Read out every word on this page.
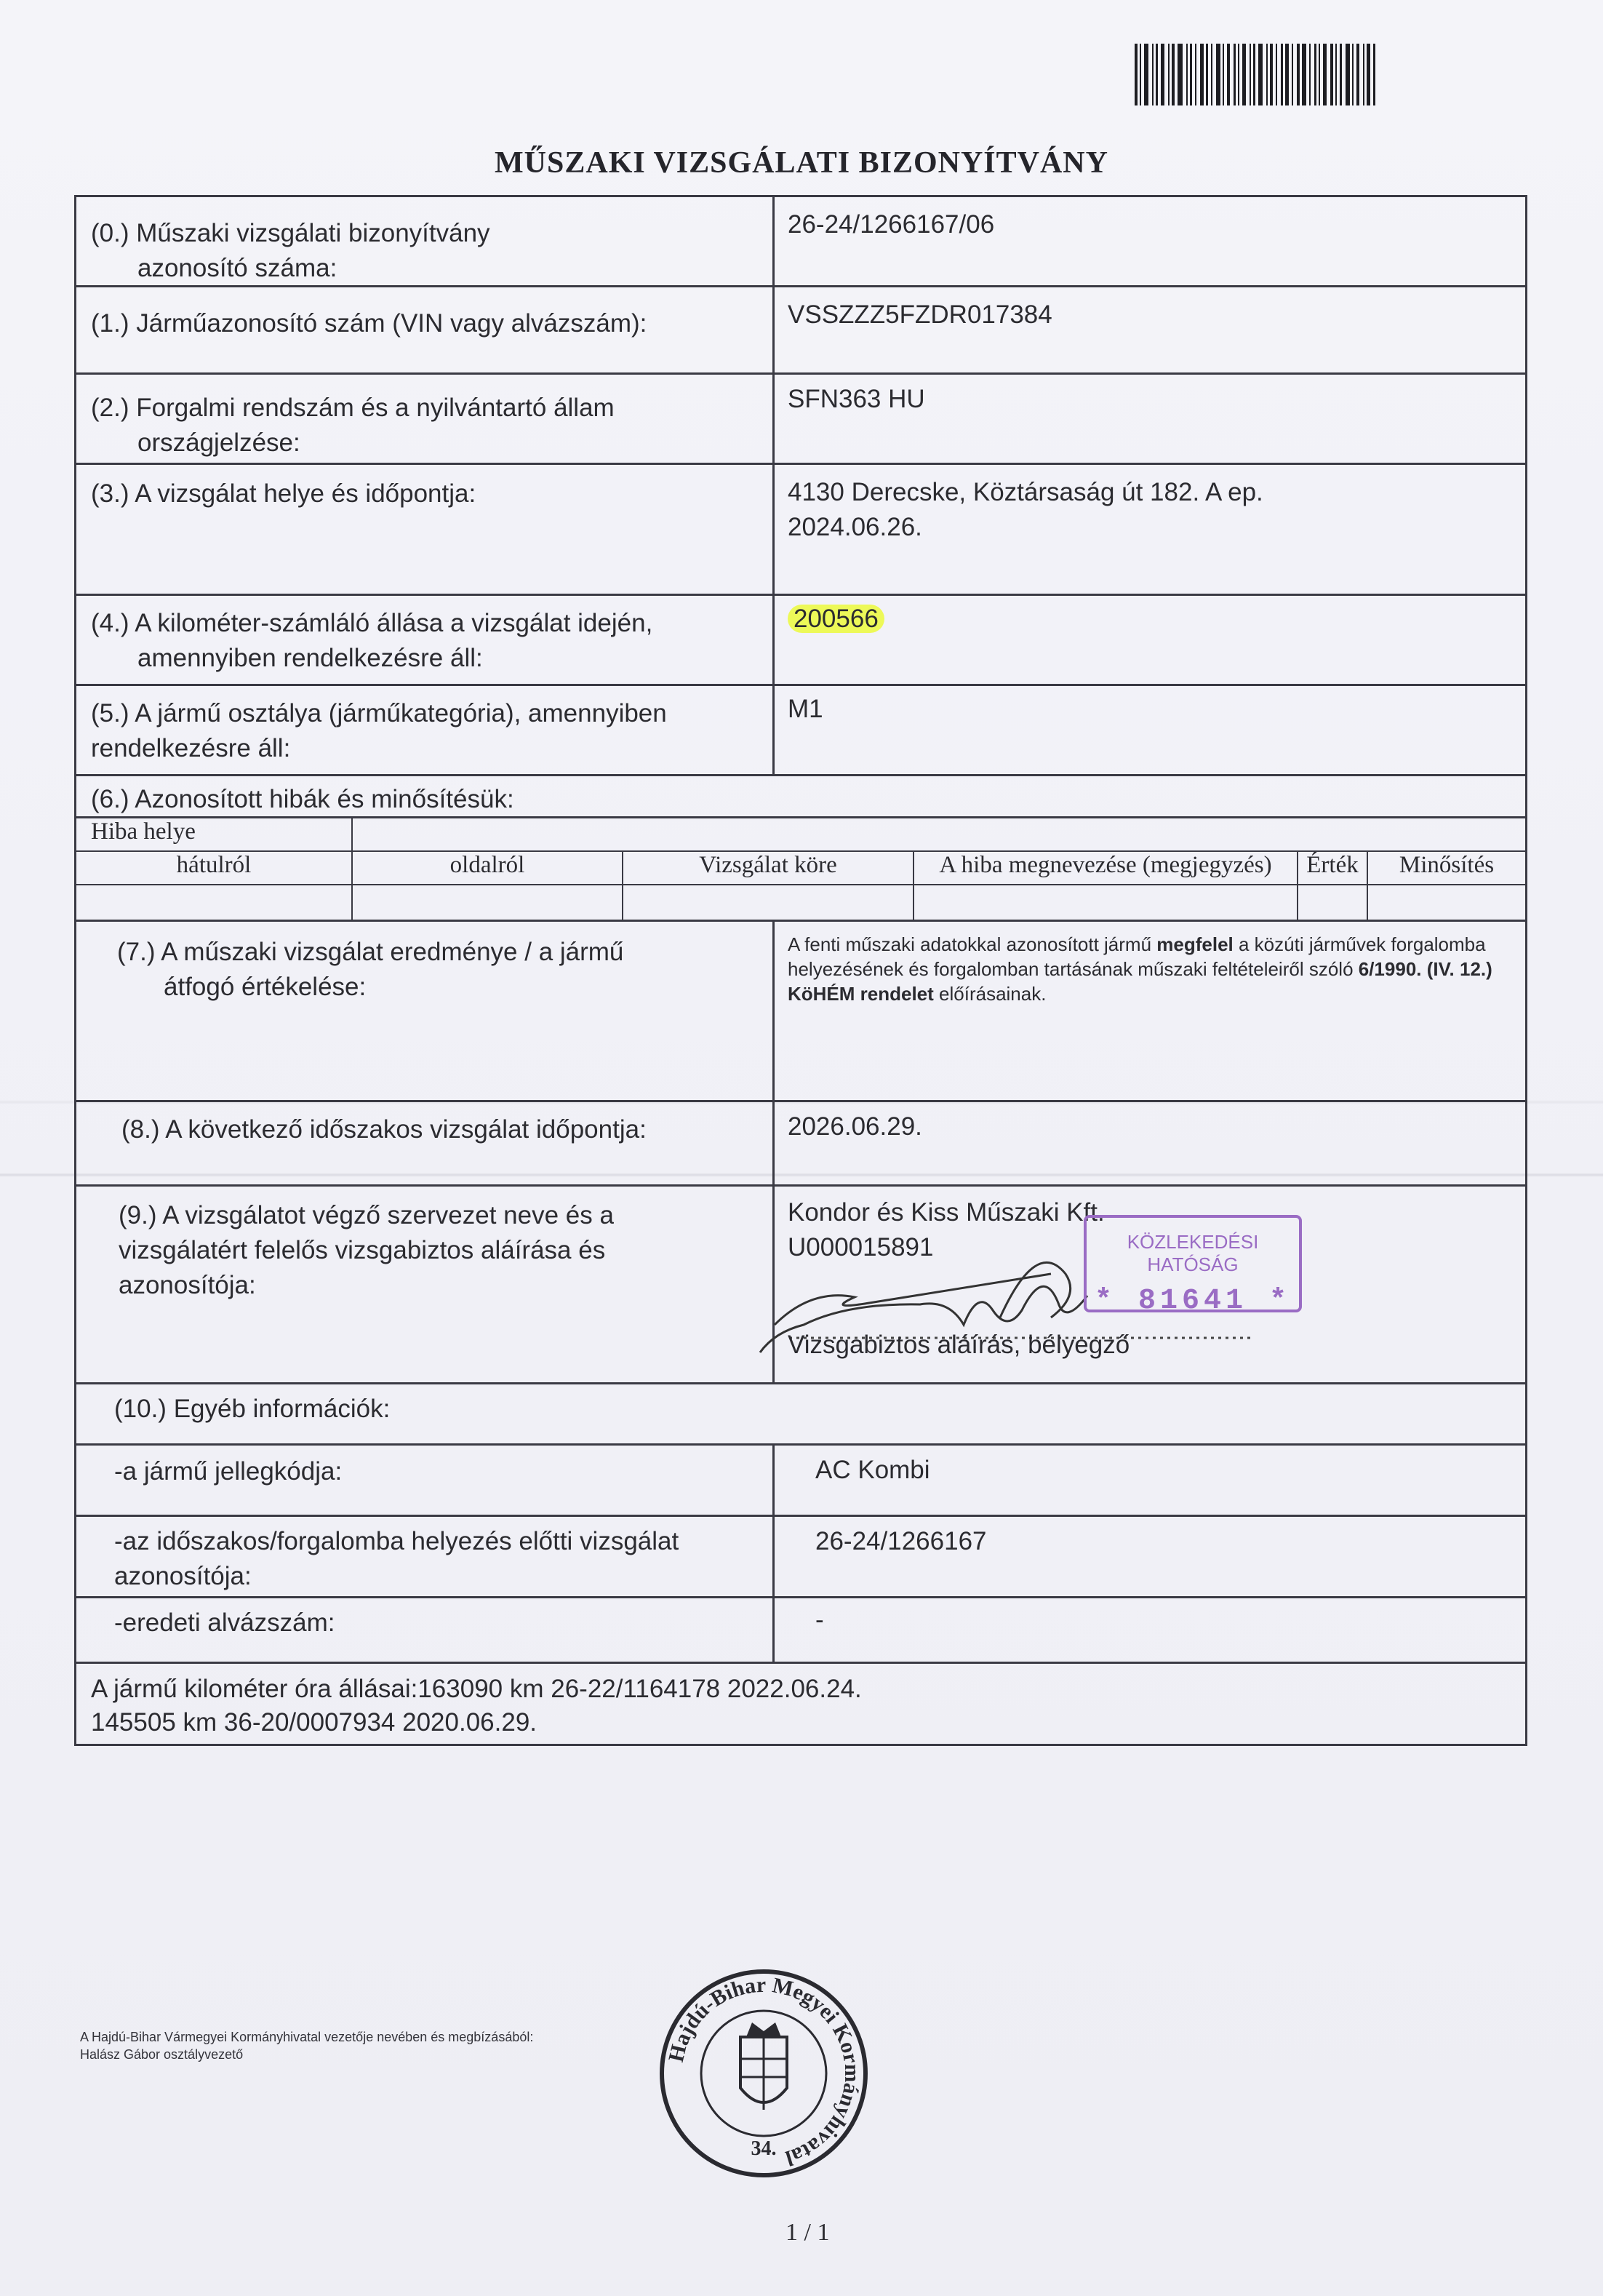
MŰSZAKI VIZSGÁLATI BIZONYÍTVÁNY
(0.) Műszaki vizsgálati bizonyítvány
azonosító száma:
26-24/1266167/06
(1.) Járműazonosító szám (VIN vagy alvázszám):	VSSZZZ5FZDR017384
(2.) Forgalmi rendszám és a nyilvántartó állam
országjelzése:
SFN363 HU
(3.) A vizsgálat helye és időpontja:	4130 Derecske, Köztársaság út 182. A ep.
2024.06.26.
(4.) A kilométer-számláló állása a vizsgálat idején,
amennyiben rendelkezésre áll:
200566
(5.) A jármű osztálya (járműkategória), amennyiben
rendelkezésre áll:
M1
(6.) Azonosított hibák és minősítésük:
Hiba helye
hátulról	oldalról	Vizsgálat köre	A hiba megnevezése (megjegyzés)	Érték	Minősítés
(7.) A műszaki vizsgálat eredménye / a jármű
átfogó értékelése:
A fenti műszaki adatokkal azonosított jármű megfelel a közúti járművek forgalomba helyezésének és forgalomban tartásának műszaki feltételeiről szóló 6/1990. (IV. 12.) KöHÉM rendelet előírásainak.
(8.) A következő időszakos vizsgálat időpontja:	2026.06.29.
(9.) A vizsgálatot végző szervezet neve és a
vizsgálatért felelős vizsgabiztos aláírása és
azonosítója:
Kondor és Kiss Műszaki Kft.
U000015891
Vizsgabiztos aláírás, bélyegző
(10.) Egyéb információk:
-a jármű jellegkódja:	AC Kombi
-az időszakos/forgalomba helyezés előtti vizsgálat
azonosítója:
26-24/1266167
-eredeti alvázszám:	-
A jármű kilométer óra állásai:163090 km 26-22/1164178 2022.06.24.
145505 km 36-20/0007934 2020.06.29.
KÖZLEKEDÉSI HATÓSÁG
* 81641 *
A Hajdú-Bihar Vármegyei Kormányhivatal vezetője nevében és megbízásából:
Halász Gábor osztályvezető	Hajdú-Bihar Megyei Kormányhivatal
34.
1 / 1
